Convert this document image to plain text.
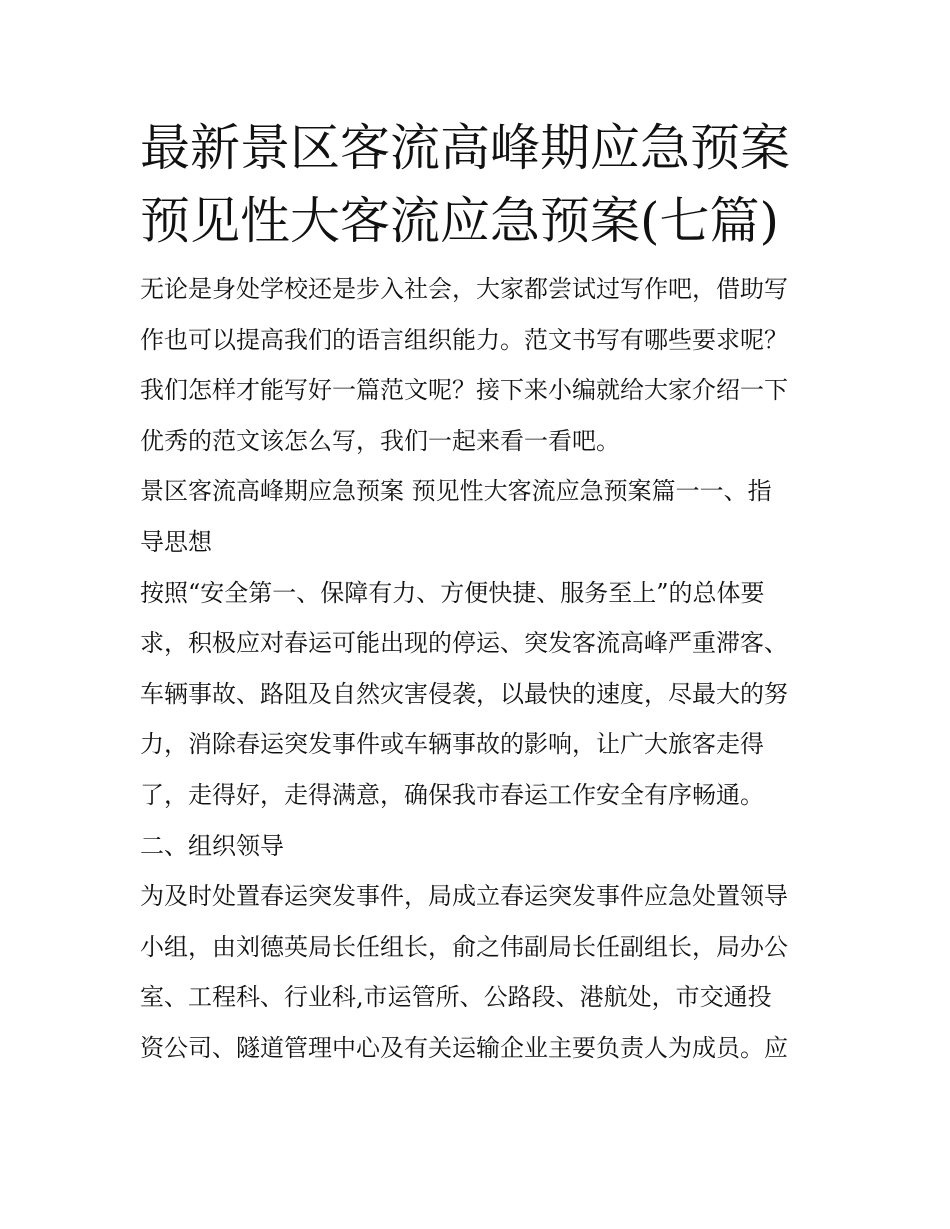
最新景区客流高峰期应急预案
预见性大客流应急预案(七篇)
无论是身处学校还是步入社会，大家都尝试过写作吧，借助写
作也可以提高我们的语言组织能力。范文书写有哪些要求呢？
我们怎样才能写好一篇范文呢？接下来小编就给大家介绍一下
优秀的范文该怎么写，我们一起来看一看吧。
景区客流高峰期应急预案 预见性大客流应急预案篇一一、指
导思想
按照“安全第一、保障有力、方便快捷、服务至上”的总体要
求，积极应对春运可能出现的停运、突发客流高峰严重滞客、
车辆事故、路阻及自然灾害侵袭，以最快的速度，尽最大的努
力，消除春运突发事件或车辆事故的影响，让广大旅客走得
了，走得好，走得满意，确保我市春运工作安全有序畅通。
二、组织领导
为及时处置春运突发事件，局成立春运突发事件应急处置领导
小组，由刘德英局长任组长，俞之伟副局长任副组长，局办公
室、工程科、行业科,市运管所、公路段、港航处，市交通投
资公司、隧道管理中心及有关运输企业主要负责人为成员。应
